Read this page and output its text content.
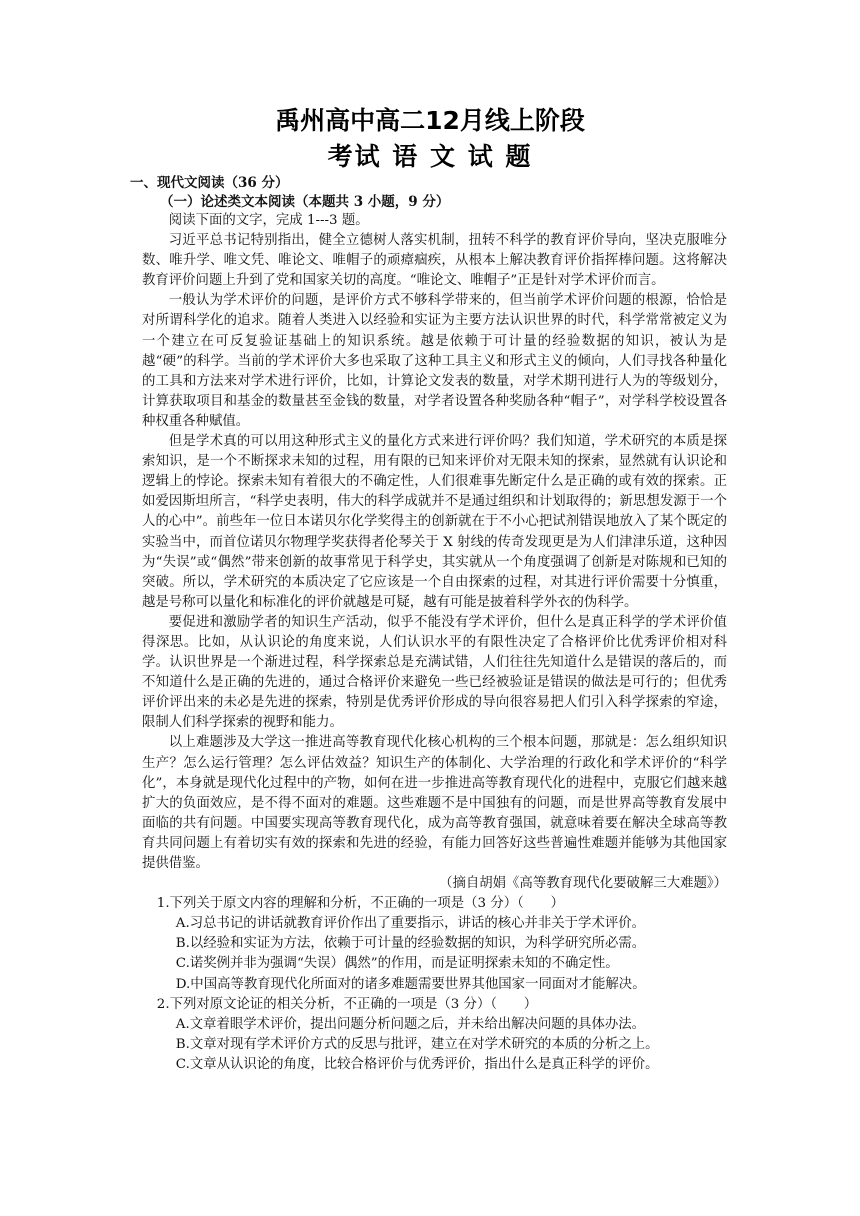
禹州高中高二12月线上阶段
考试 语 文 试 题
一、现代文阅读（36 分）
（一）论述类文本阅读（本题共 3 小题，9 分）

阅读下面的文字，完成 1---3 题。

习近平总书记特别指出，健全立德树人落实机制，扭转不科学的教育评价导向，坚决克服唯分数、唯升学、唯文凭、唯论文、唯帽子的顽瘴痼疾，从根本上解决教育评价指挥棒问题。这将解决教育评价问题上升到了党和国家关切的高度。“唯论文、唯帽子”正是针对学术评价而言。

一般认为学术评价的问题，是评价方式不够科学带来的，但当前学术评价问题的根源，恰恰是对所谓科学化的追求。随着人类进入以经验和实证为主要方法认识世界的时代，科学常常被定义为一个建立在可反复验证基础上的知识系统。越是依赖于可计量的经验数据的知识，被认为是越“硬”的科学。当前的学术评价大多也采取了这种工具主义和形式主义的倾向，人们寻找各种量化的工具和方法来对学术进行评价，比如，计算论文发表的数量，对学术期刊进行人为的等级划分，计算获取项目和基金的数量甚至金钱的数量，对学者设置各种奖励各种“帽子”，对学科学校设置各种权重各种赋值。

但是学术真的可以用这种形式主义的量化方式来进行评价吗？我们知道，学术研究的本质是探索知识，是一个不断探求未知的过程，用有限的已知来评价对无限未知的探索，显然就有认识论和逻辑上的悖论。探索未知有着很大的不确定性，人们很难事先断定什么是正确的或有效的探索。正如爱因斯坦所言，“科学史表明，伟大的科学成就并不是通过组织和计划取得的；新思想发源于一个人的心中”。前些年一位日本诺贝尔化学奖得主的创新就在于不小心把试剂错误地放入了某个既定的实验当中，而首位诺贝尔物理学奖获得者伦琴关于 X 射线的传奇发现更是为人们津津乐道，这种因为“失误”或“偶然”带来创新的故事常见于科学史，其实就从一个角度强调了创新是对陈规和已知的突破。所以，学术研究的本质决定了它应该是一个自由探索的过程，对其进行评价需要十分慎重，越是号称可以量化和标准化的评价就越是可疑，越有可能是披着科学外衣的伪科学。

要促进和激励学者的知识生产活动，似乎不能没有学术评价，但什么是真正科学的学术评价值得深思。比如，从认识论的角度来说，人们认识水平的有限性决定了合格评价比优秀评价相对科学。认识世界是一个渐进过程，科学探索总是充满试错，人们往往先知道什么是错误的落后的，而不知道什么是正确的先进的，通过合格评价来避免一些已经被验证是错误的做法是可行的；但优秀评价评出来的未必是先进的探索，特别是优秀评价形成的导向很容易把人们引入科学探索的窄途，限制人们科学探索的视野和能力。

以上难题涉及大学这一推进高等教育现代化核心机构的三个根本问题，那就是：怎么组织知识生产？怎么运行管理？怎么评估效益？知识生产的体制化、大学治理的行政化和学术评价的“科学化”，本身就是现代化过程中的产物，如何在进一步推进高等教育现代化的进程中，克服它们越来越扩大的负面效应，是不得不面对的难题。这些难题不是中国独有的问题，而是世界高等教育发展中面临的共有问题。中国要实现高等教育现代化，成为高等教育强国，就意味着要在解决全球高等教育共同问题上有着切实有效的探索和先进的经验，有能力回答好这些普遍性难题并能够为其他国家提供借鉴。

（摘自胡娟《高等教育现代化要破解三大难题》）

1.下列关于原文内容的理解和分析，不正确的一项是（3 分）（　　）

A.习总书记的讲话就教育评价作出了重要指示，讲话的核心并非关于学术评价。

B.以经验和实证为方法，依赖于可计量的经验数据的知识，为科学研究所必需。

C.诺奖例并非为强调“失误）偶然”的作用，而是证明探索未知的不确定性。

D.中国高等教育现代化所面对的诸多难题需要世界其他国家一同面对才能解决。

2.下列对原文论证的相关分析，不正确的一项是（3 分）（　　）

A.文章着眼学术评价，提出问题分析问题之后，并未给出解决问题的具体办法。

B.文章对现有学术评价方式的反思与批评，建立在对学术研究的本质的分析之上。

C.文章从认识论的角度，比较合格评价与优秀评价，指出什么是真正科学的评价。
